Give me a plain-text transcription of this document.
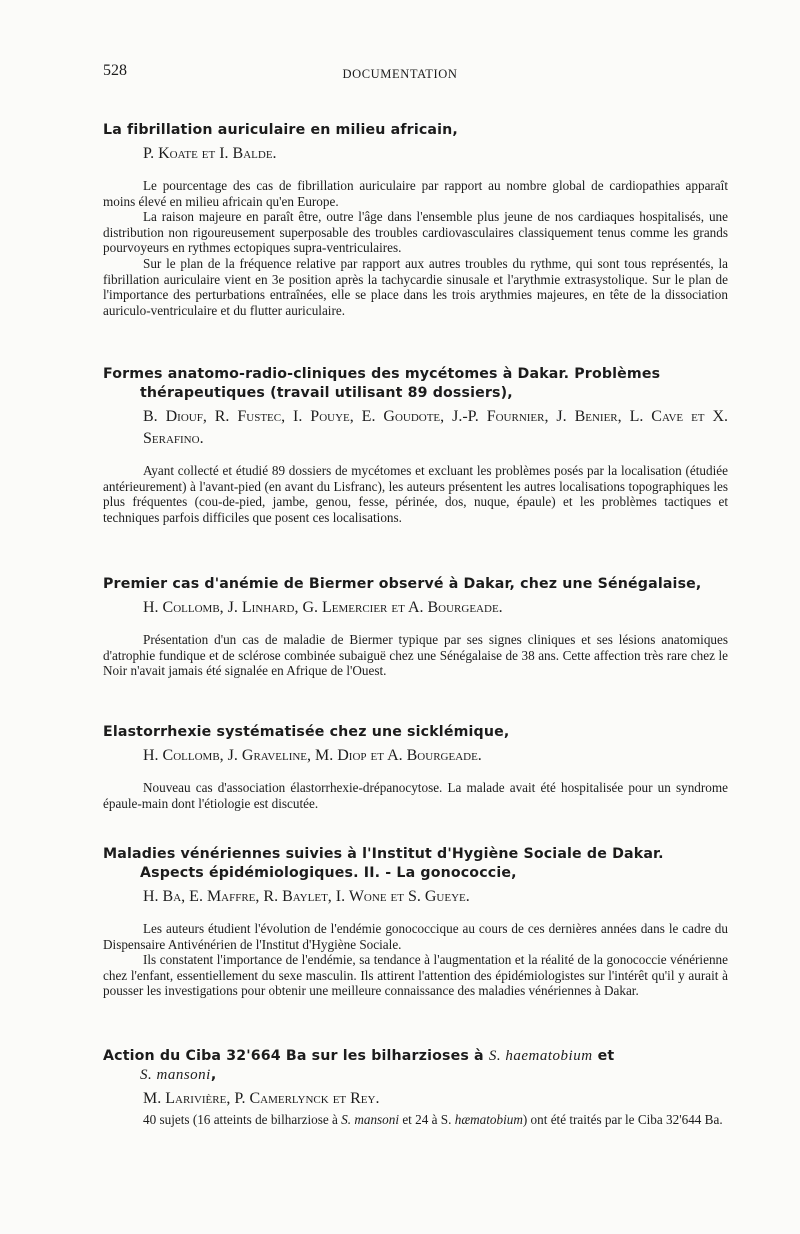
528	DOCUMENTATION
La fibrillation auriculaire en milieu africain,
P. Koate et I. Balde.

Le pourcentage des cas de fibrillation auriculaire par rapport au nombre global de cardiopathies apparaît moins élevé en milieu africain qu'en Europe.

La raison majeure en paraît être, outre l'âge dans l'ensemble plus jeune de nos cardiaques hospitalisés, une distribution non rigoureusement superposable des troubles cardiovasculaires classiquement tenus comme les grands pourvoyeurs en rythmes ectopiques supra-ventriculaires.

Sur le plan de la fréquence relative par rapport aux autres troubles du rythme, qui sont tous représentés, la fibrillation auriculaire vient en 3e position après la tachycardie sinusale et l'arythmie extrasystolique. Sur le plan de l'importance des perturbations entraînées, elle se place dans les trois arythmies majeures, en tête de la dissociation auriculo-ventriculaire et du flutter auriculaire.

Formes anatomo-radio-cliniques des mycétomes à Dakar. Problèmes
thérapeutiques (travail utilisant 89 dossiers),
B. Diouf, R. Fustec, I. Pouye, E. Goudote, J.-P. Fournier, J. Benier, L. Cave et X. Serafino.

Ayant collecté et étudié 89 dossiers de mycétomes et excluant les problèmes posés par la localisation (étudiée antérieurement) à l'avant-pied (en avant du Lisfranc), les auteurs présentent les autres localisations topographiques les plus fréquentes (cou-de-pied, jambe, genou, fesse, périnée, dos, nuque, épaule) et les problèmes tactiques et techniques parfois difficiles que posent ces localisations.

Premier cas d'anémie de Biermer observé à Dakar, chez une Sénégalaise,
H. Collomb, J. Linhard, G. Lemercier et A. Bourgeade.

Présentation d'un cas de maladie de Biermer typique par ses signes cliniques et ses lésions anatomiques d'atrophie fundique et de sclérose combinée subaiguë chez une Sénégalaise de 38 ans. Cette affection très rare chez le Noir n'avait jamais été signalée en Afrique de l'Ouest.

Elastorrhexie systématisée chez une sicklémique,
H. Collomb, J. Graveline, M. Diop et A. Bourgeade.

Nouveau cas d'association élastorrhexie-drépanocytose. La malade avait été hospitalisée pour un syndrome épaule-main dont l'étiologie est discutée.

Maladies vénériennes suivies à l'Institut d'Hygiène Sociale de Dakar.
Aspects épidémiologiques. II. - La gonococcie,
H. Ba, E. Maffre, R. Baylet, I. Wone et S. Gueye.

Les auteurs étudient l'évolution de l'endémie gonococcique au cours de ces dernières années dans le cadre du Dispensaire Antivénérien de l'Institut d'Hygiène Sociale.

Ils constatent l'importance de l'endémie, sa tendance à l'augmentation et la réalité de la gonococcie vénérienne chez l'enfant, essentiellement du sexe masculin. Ils attirent l'attention des épidémiologistes sur l'intérêt qu'il y aurait à pousser les investigations pour obtenir une meilleure connaissance des maladies vénériennes à Dakar.

Action du Ciba 32'664 Ba sur les bilharzioses à S. haematobium et
S. mansoni,
M. Larivière, P. Camerlynck et Rey.

40 sujets (16 atteints de bilharziose à S. mansoni et 24 à S. hæmatobium) ont été traités par le Ciba 32'644 Ba.
